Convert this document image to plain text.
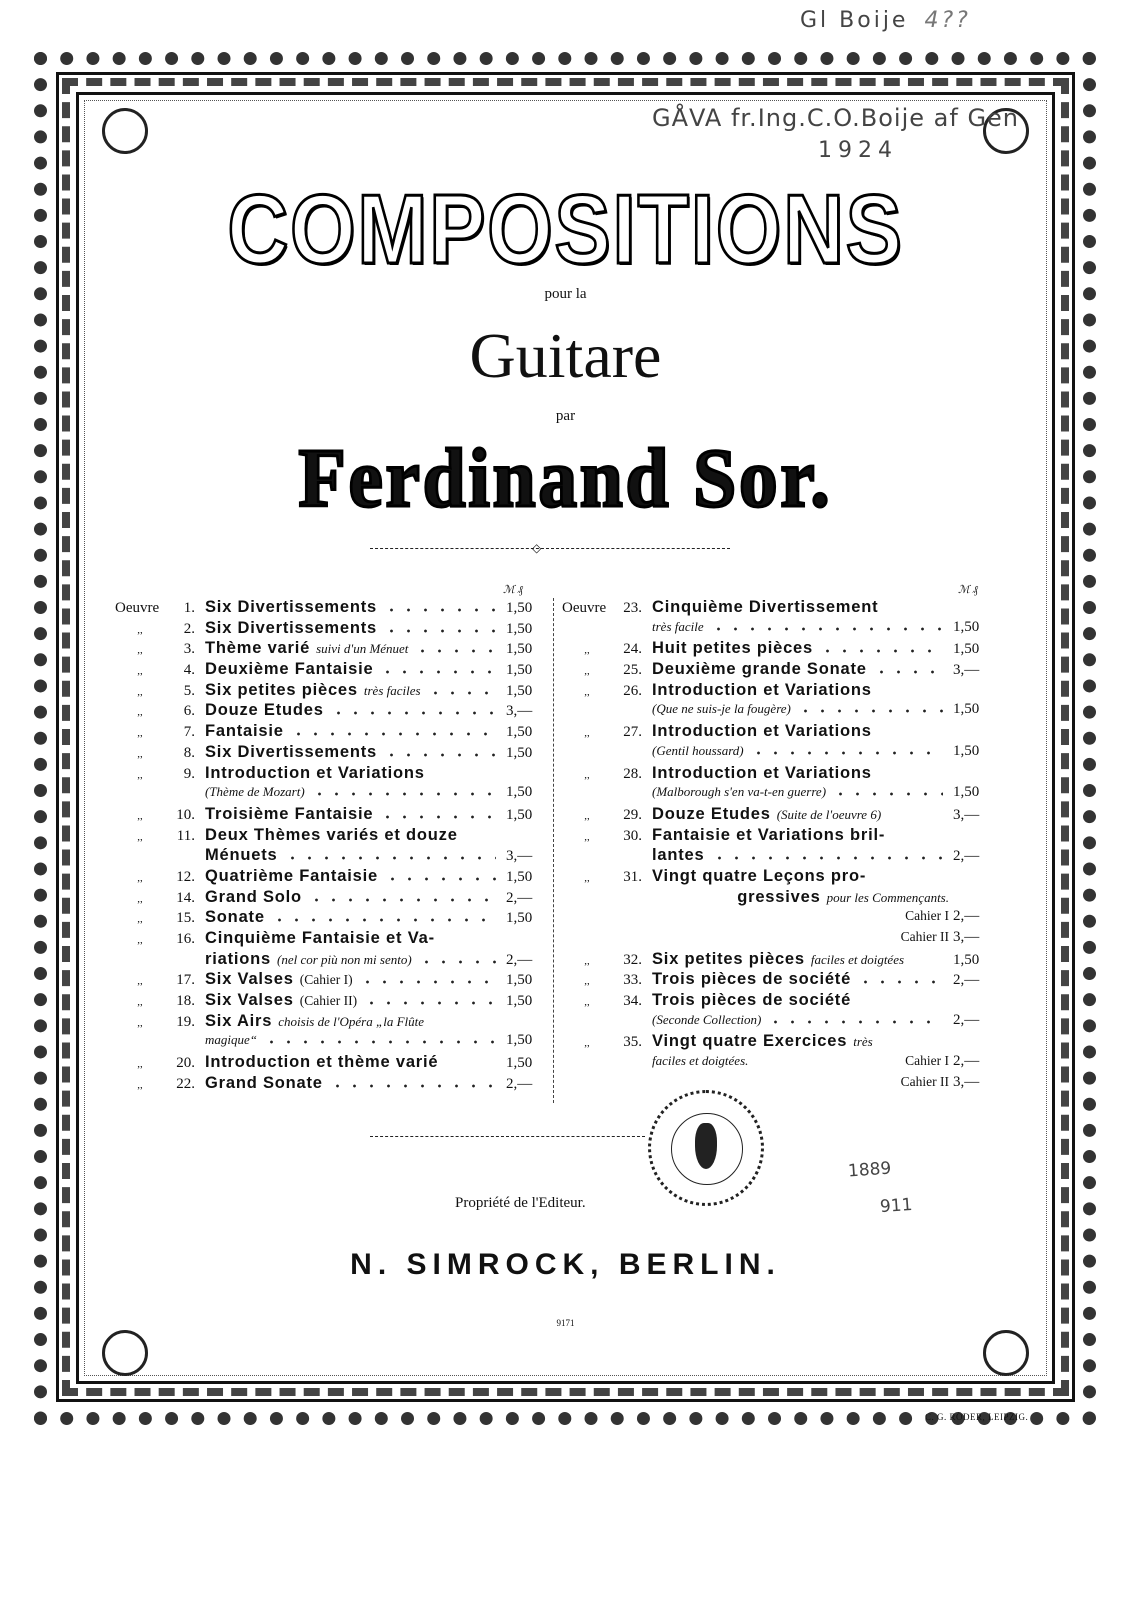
Gl Boije 4??
GÅVA fr.Ing.C.O.Boije af Gen
1924
COMPOSITIONS
pour la
Guitare
par
Ferdinand Sor.
◇
ℳ ₰	ℳ ₰
Oeuvre	1. Six Divertissements	1,50
,,	2. Six Divertissements	1,50
,,	3. Thème varié suivi d'un Ménuet	1,50
,,	4. Deuxième Fantaisie	1,50
,,	5. Six petites pièces très faciles	1,50
,,	6. Douze Etudes	3,—
,,	7. Fantaisie	1,50
,,	8. Six Divertissements	1,50
,,	9. Introduction et Variations
(Thème de Mozart)	1,50
,,	10. Troisième Fantaisie	1,50
,,	11. Deux Thèmes variés et douze
Ménuets	3,—
,,	12. Quatrième Fantaisie	1,50
,,	14. Grand Solo	2,—
,,	15. Sonate	1,50
,,	16. Cinquième Fantaisie et Va-
riations (nel cor più non mi sento)	2,—
,,	17. Six Valses (Cahier I)	1,50
,,	18. Six Valses (Cahier II)	1,50
,,	19. Six Airs choisis de l'Opéra „la Flûte
magique“	1,50
,,	20. Introduction et thème varié	1,50
,,	22. Grand Sonate	2,—
Oeuvre	23. Cinquième Divertissement
très facile	1,50
,,	24. Huit petites pièces	1,50
,,	25. Deuxième grande Sonate	3,—
,,	26. Introduction et Variations
(Que ne suis-je la fougère)	1,50
,,	27. Introduction et Variations
(Gentil houssard)	1,50
,,	28. Introduction et Variations
(Malborough s'en va-t-en guerre)	1,50
,,	29. Douze Etudes (Suite de l'oeuvre 6)	3,—
,,	30. Fantaisie et Variations bril-
lantes	2,—
,,	31. Vingt quatre Leçons pro-
gressives pour les Commençants.
Cahier I 2,—
Cahier II 3,—
,,	32. Six petites pièces faciles et doigtées	1,50
,,	33. Trois pièces de société	2,—
,,	34. Trois pièces de société
(Seconde Collection)	2,—
,,	35. Vingt quatre Exercices très
faciles et doigtées.	Cahier I 2,—
Cahier II 3,—
Propriété de l'Editeur.
1889
911
N. SIMROCK, BERLIN.
9171
C. G. RÖDER, LEIPZIG.
